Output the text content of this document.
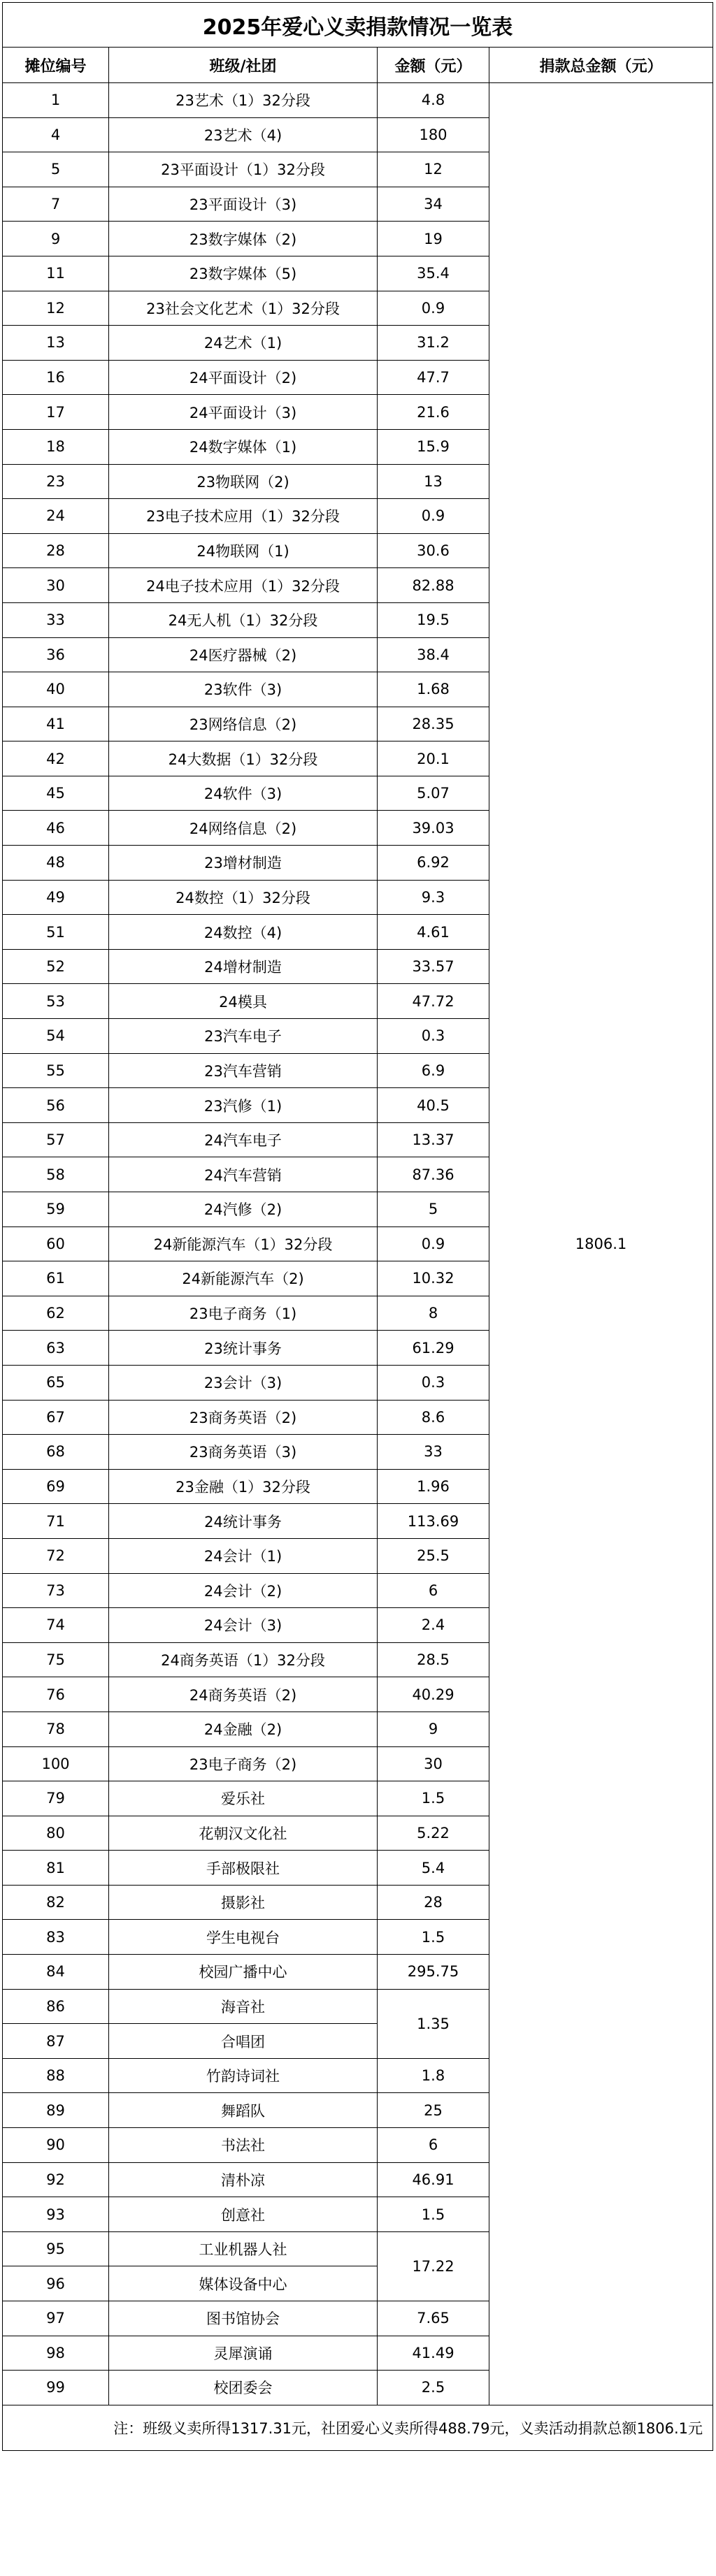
2025年爱心义卖捐款情况一览表			
摊位编号	班级/社团	金额（元）	捐款总金额（元）
1	23艺术（1）32分段	4.8	1806.1
4	23艺术（4)	180	
5	23平面设计（1）32分段	12	
7	23平面设计（3)	34	
9	23数字媒体（2)	19	
11	23数字媒体（5)	35.4	
12	23社会文化艺术（1）32分段	0.9	
13	24艺术（1)	31.2	
16	24平面设计（2)	47.7	
17	24平面设计（3)	21.6	
18	24数字媒体（1)	15.9	
23	23物联网（2)	13	
24	23电子技术应用（1）32分段	0.9	
28	24物联网（1)	30.6	
30	24电子技术应用（1）32分段	82.88	
33	24无人机（1）32分段	19.5	
36	24医疗器械（2)	38.4	
40	23软件（3)	1.68	
41	23网络信息（2)	28.35	
42	24大数据（1）32分段	20.1	
45	24软件（3)	5.07	
46	24网络信息（2)	39.03	
48	23增材制造	6.92	
49	24数控（1）32分段	9.3	
51	24数控（4)	4.61	
52	24增材制造	33.57	
53	24模具	47.72	
54	23汽车电子	0.3	
55	23汽车营销	6.9	
56	23汽修（1)	40.5	
57	24汽车电子	13.37	
58	24汽车营销	87.36	
59	24汽修（2)	5	
60	24新能源汽车（1）32分段	0.9	
61	24新能源汽车（2)	10.32	
62	23电子商务（1)	8	
63	23统计事务	61.29	
65	23会计（3)	0.3	
67	23商务英语（2)	8.6	
68	23商务英语（3)	33	
69	23金融（1）32分段	1.96	
71	24统计事务	113.69	
72	24会计（1)	25.5	
73	24会计（2)	6	
74	24会计（3)	2.4	
75	24商务英语（1）32分段	28.5	
76	24商务英语（2)	40.29	
78	24金融（2)	9	
100	23电子商务（2)	30	
79	爱乐社	1.5	
80	花朝汉文化社	5.22	
81	手部极限社	5.4	
82	摄影社	28	
83	学生电视台	1.5	
84	校园广播中心	295.75	
86	海音社	1.35	
87	合唱团		
88	竹韵诗词社	1.8	
89	舞蹈队	25	
90	书法社	6	
92	清朴凉	46.91	
93	创意社	1.5	
95	工业机器人社	17.22	
96	媒体设备中心		
97	图书馆协会	7.65	
98	灵犀演诵	41.49	
99	校团委会	2.5	
注：班级义卖所得1317.31元，社团爱心义卖所得488.79元，义卖活动捐款总额1806.1元			
